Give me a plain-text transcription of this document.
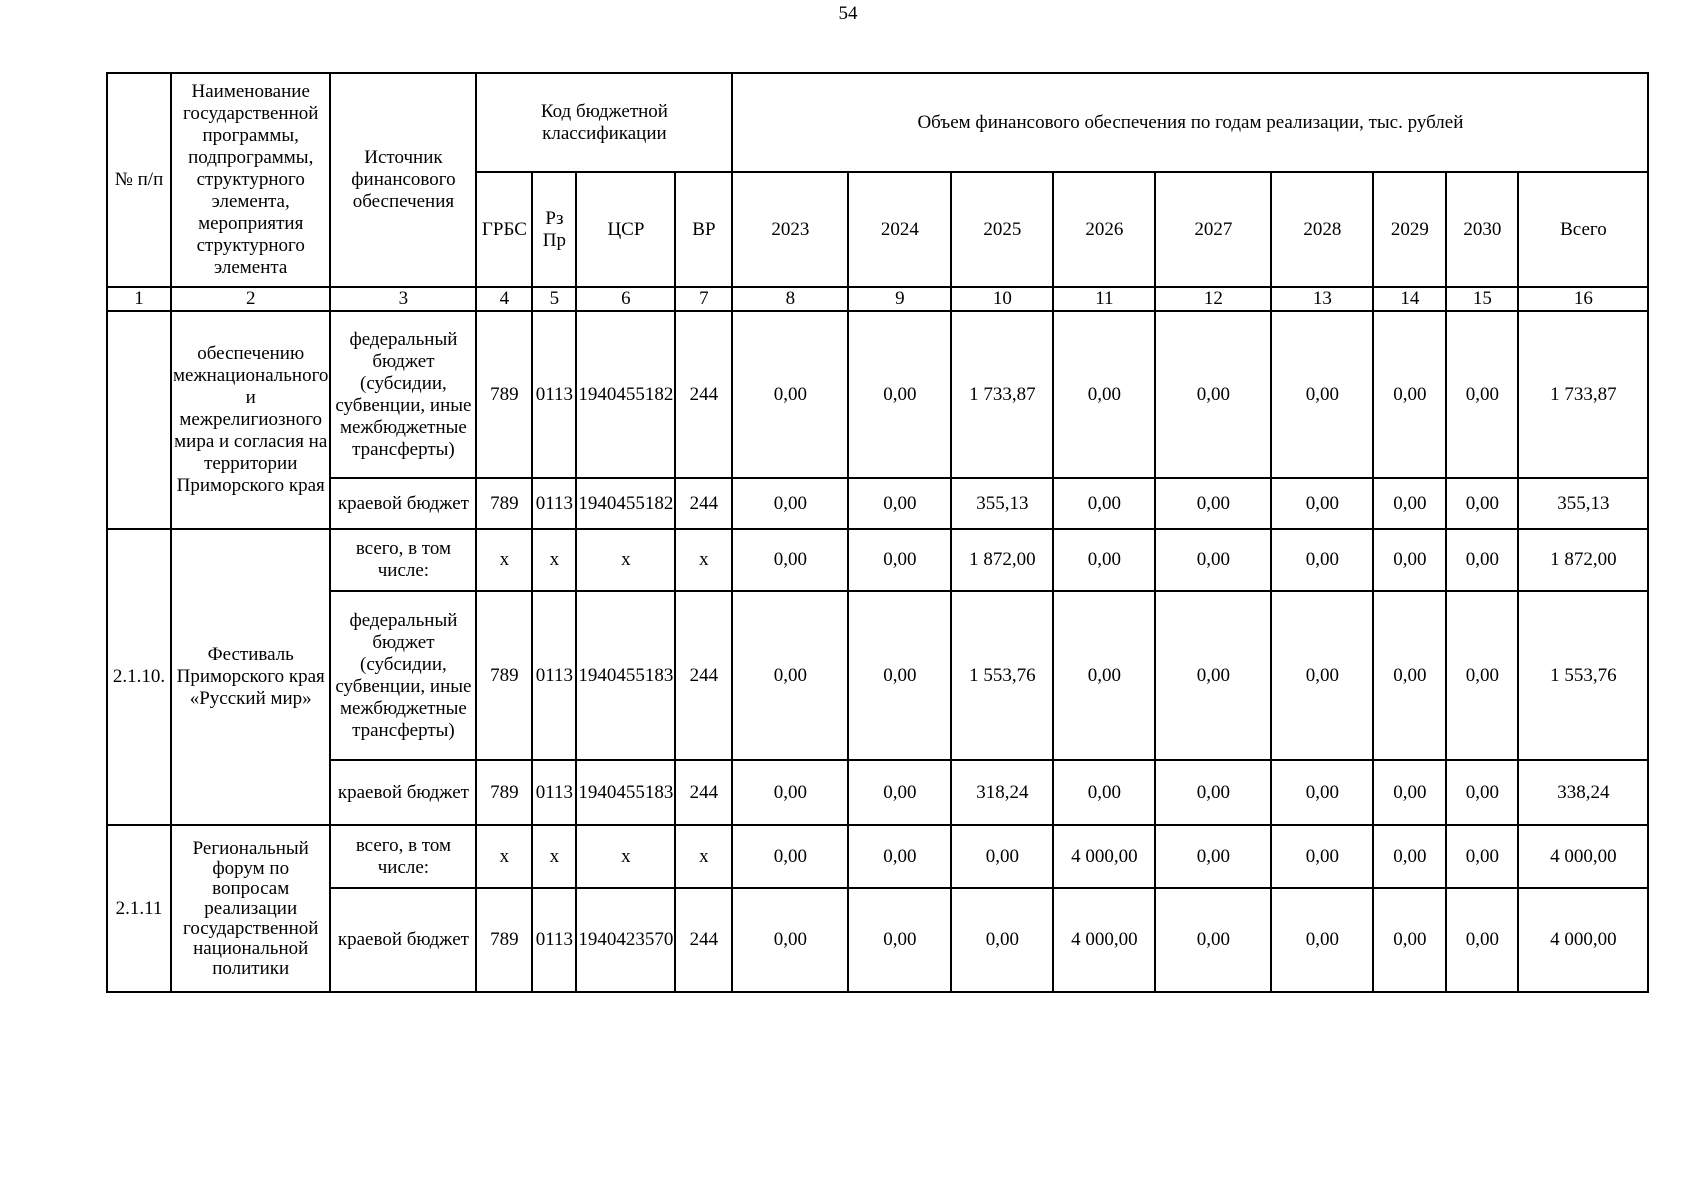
54
№ п/п	Наименование государственной программы, подпрограммы, структурного элемента, мероприятия структурного элемента	Источник финансового обеспечения	Код бюджетной классификации				Объем финансового обеспечения по годам реализации, тыс. рублей								
			ГРБС	Рз Пр	ЦСР	ВР	2023	2024	2025	2026	2027	2028	2029	2030	Всего
1	2	3	4	5	6	7	8	9	10	11	12	13	14	15	16
	обеспечению межнационального и межрелигиозного мира и согласия на территории Приморского края	федеральный бюджет (субсидии, субвенции, иные межбюджетные трансферты)	789	0113	1940455182	244	0,00	0,00	1 733,87	0,00	0,00	0,00	0,00	0,00	1 733,87
		краевой бюджет	789	0113	1940455182	244	0,00	0,00	355,13	0,00	0,00	0,00	0,00	0,00	355,13
2.1.10.	Фестиваль Приморского края «Русский мир»	всего, в том числе:	х	х	х	х	0,00	0,00	1 872,00	0,00	0,00	0,00	0,00	0,00	1 872,00
		федеральный бюджет (субсидии, субвенции, иные межбюджетные трансферты)	789	0113	1940455183	244	0,00	0,00	1 553,76	0,00	0,00	0,00	0,00	0,00	1 553,76
		краевой бюджет	789	0113	1940455183	244	0,00	0,00	318,24	0,00	0,00	0,00	0,00	0,00	338,24
2.1.11	Региональный форум по вопросам реализации государственной национальной политики	всего, в том числе:	х	х	х	х	0,00	0,00	0,00	4 000,00	0,00	0,00	0,00	0,00	4 000,00
		краевой бюджет	789	0113	1940423570	244	0,00	0,00	0,00	4 000,00	0,00	0,00	0,00	0,00	4 000,00
